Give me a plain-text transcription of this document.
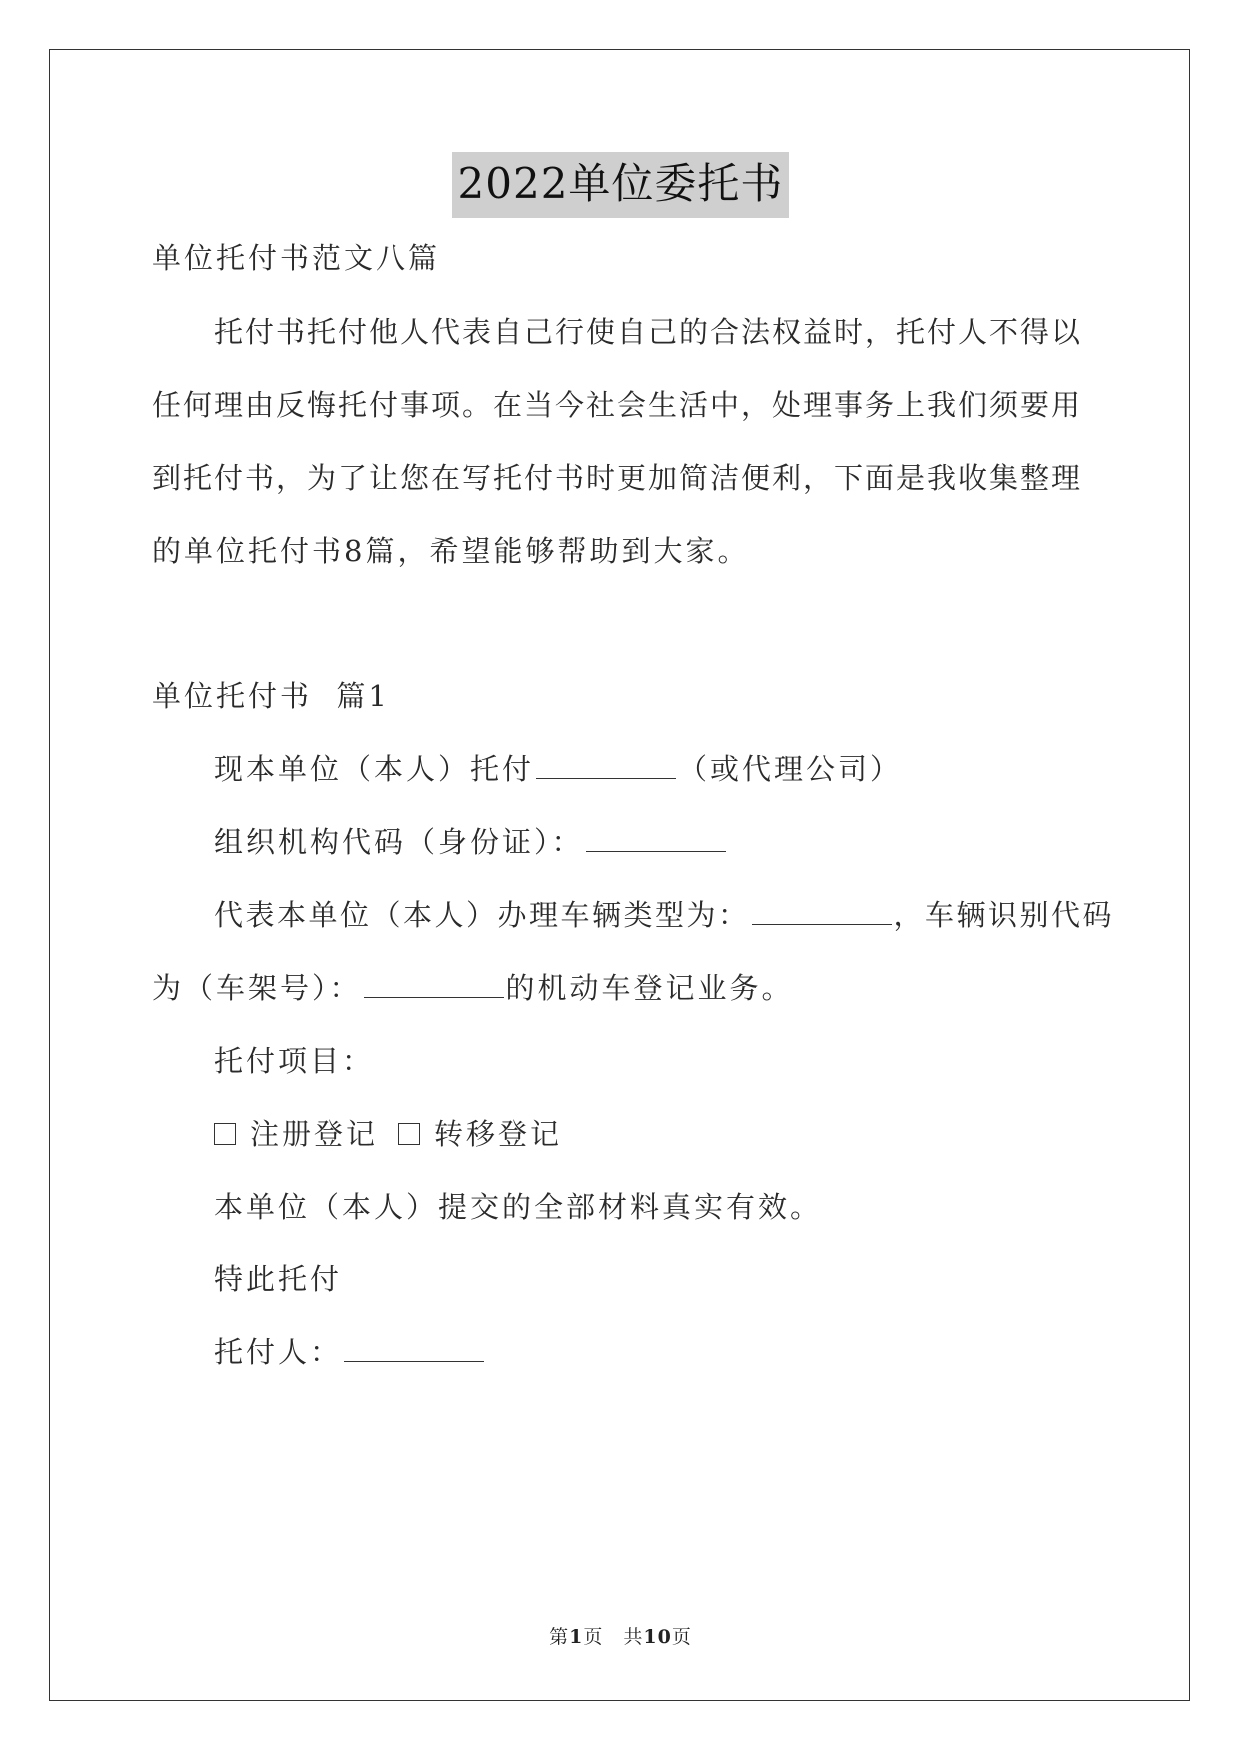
2022单位委托书
单位托付书范文八篇
托付书托付他人代表自己行使自己的合法权益时，托付人不得以
任何理由反悔托付事项。在当今社会生活中，处理事务上我们须要用
到托付书，为了让您在写托付书时更加简洁便利，下面是我收集整理
的单位托付书8篇，希望能够帮助到大家。
单位托付书  篇1
现本单位（本人）托付	（或代理公司）
组织机构代码（身份证）：
代表本单位（本人）办理车辆类型为：	，车辆识别代码
为（车架号）：	的机动车登记业务。
托付项目：
注册登记 转移登记
本单位（本人）提交的全部材料真实有效。
特此托付
托付人：
第1页　共10页
